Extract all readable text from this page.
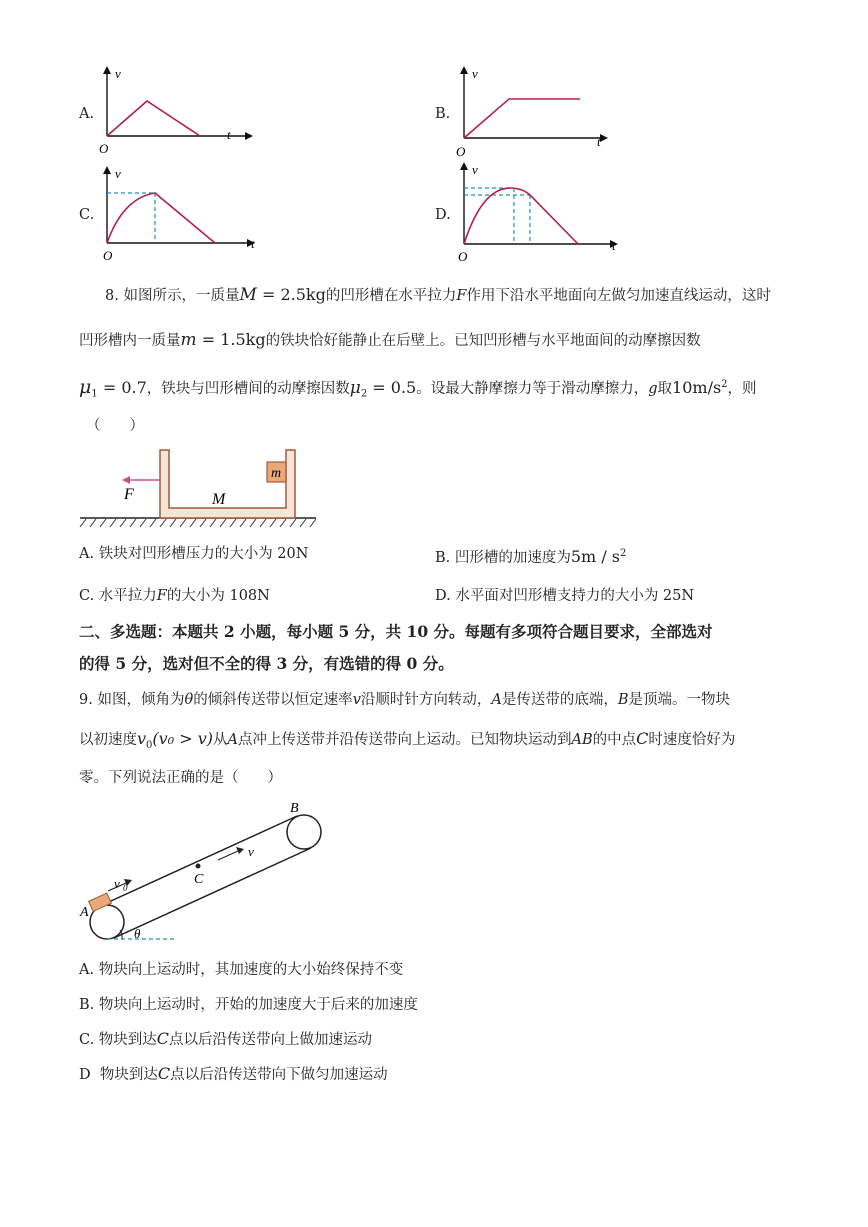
A.
v
t
O
B.
v
t
O
C.
v
t
O
D.
v
t
O
8. 如图所示，一质量M = 2.5kg的凹形槽在水平拉力F作用下沿水平地面向左做匀加速直线运动，这时
凹形槽内一质量m = 1.5kg的铁块恰好能静止在后壁上。已知凹形槽与水平地面间的动摩擦因数
$\mu_1 = 0.7$，铁块与凹形槽间的动摩擦因数$\mu_2 = 0.5$。设最大静摩擦力等于滑动摩擦力，g取$10m/s^2$，则
（　　）
m
F	M
A. 铁块对凹形槽压力的大小为 20N	B. 凹形槽的加速度为$5m / s^2$
C. 水平拉力F的大小为 108N	D. 水平面对凹形槽支持力的大小为 25N
二、多选题：本题共 2 小题，每小题 5 分，共 10 分。每题有多项符合题目要求，全部选对
的得 5 分，选对但不全的得 3 分，有选错的得 0 分。
9. 如图，倾角为θ的倾斜传送带以恒定速率v沿顺时针方向转动，A是传送带的底端，B是顶端。一物块
以初速度$v_0(v_0 > v)$从A点冲上传送带并沿传送带向上运动。已知物块运动到AB的中点C时速度恰好为
零。下列说法正确的是（　　）
θ
A
v 0
C
v
B
A. 物块向上运动时，其加速度的大小始终保持不变
B. 物块向上运动时，开始的加速度大于后来的加速度
C. 物块到达C点以后沿传送带向上做加速运动
D 物块到达C点以后沿传送带向下做匀加速运动
